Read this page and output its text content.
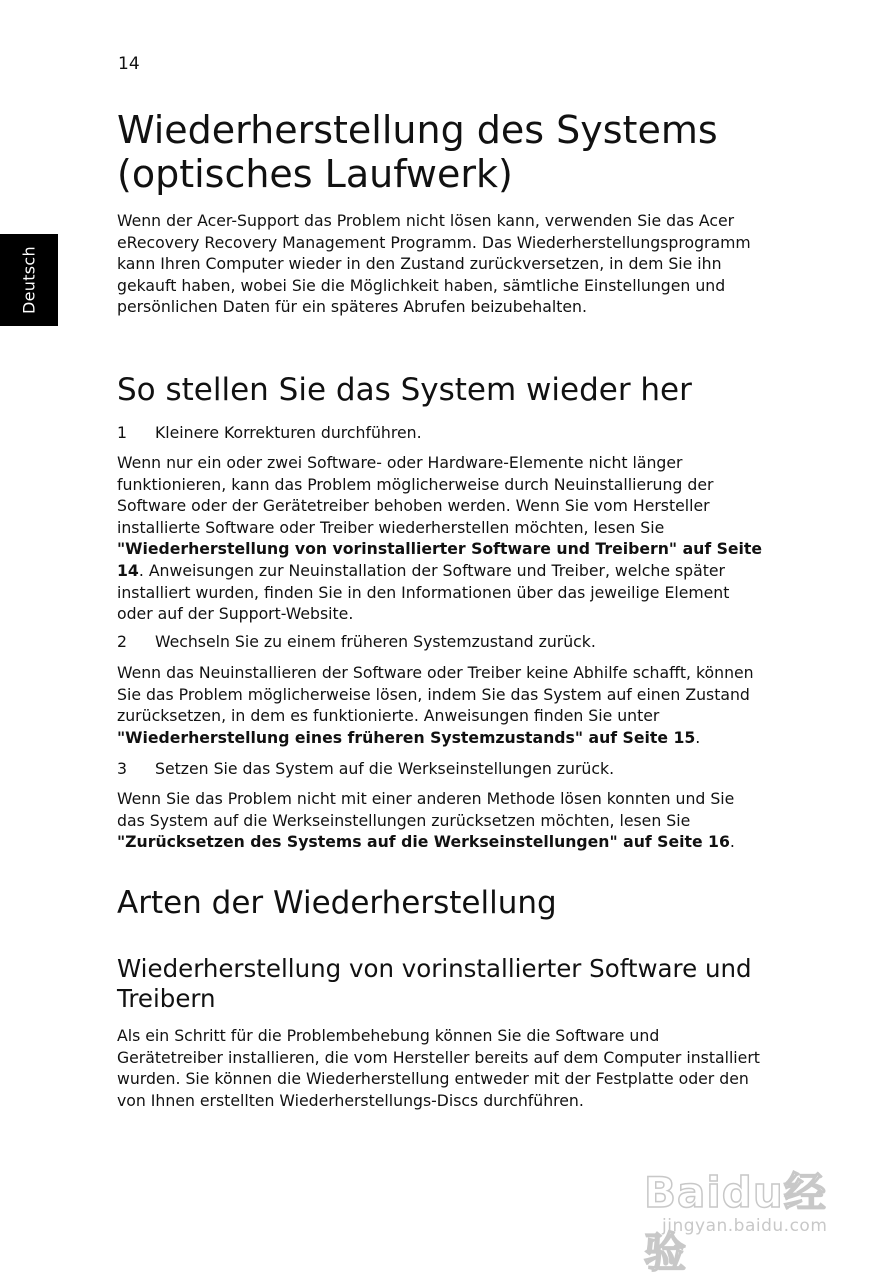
14
Deutsch
Wiederherstellung des Systems (optisches Laufwerk)

Wenn der Acer-Support das Problem nicht lösen kann, verwenden Sie das Acer eRecovery Recovery Management Programm. Das Wiederherstellungsprogramm kann Ihren Computer wieder in den Zustand zurückversetzen, in dem Sie ihn gekauft haben, wobei Sie die Möglichkeit haben, sämtliche Einstellungen und persönlichen Daten für ein späteres Abrufen beizubehalten.

So stellen Sie das System wieder her
1 Kleinere Korrekturen durchführen.

Wenn nur ein oder zwei Software- oder Hardware-Elemente nicht länger funktionieren, kann das Problem möglicherweise durch Neuinstallierung der Software oder der Gerätetreiber behoben werden. Wenn Sie vom Hersteller installierte Software oder Treiber wiederherstellen möchten, lesen Sie "Wiederherstellung von vorinstallierter Software und Treibern" auf Seite 14. Anweisungen zur Neuinstallation der Software und Treiber, welche später installiert wurden, finden Sie in den Informationen über das jeweilige Element oder auf der Support-Website.

2 Wechseln Sie zu einem früheren Systemzustand zurück.

Wenn das Neuinstallieren der Software oder Treiber keine Abhilfe schafft, können Sie das Problem möglicherweise lösen, indem Sie das System auf einen Zustand zurücksetzen, in dem es funktionierte. Anweisungen finden Sie unter "Wiederherstellung eines früheren Systemzustands" auf Seite 15.

3 Setzen Sie das System auf die Werkseinstellungen zurück.

Wenn Sie das Problem nicht mit einer anderen Methode lösen konnten und Sie das System auf die Werkseinstellungen zurücksetzen möchten, lesen Sie "Zurücksetzen des Systems auf die Werkseinstellungen" auf Seite 16.

Arten der Wiederherstellung
Wiederherstellung von vorinstallierter Software und Treibern

Als ein Schritt für die Problembehebung können Sie die Software und Gerätetreiber installieren, die vom Hersteller bereits auf dem Computer installiert wurden. Sie können die Wiederherstellung entweder mit der Festplatte oder den von Ihnen erstellten Wiederherstellungs-Discs durchführen.

Baidu经验
jingyan.baidu.com
